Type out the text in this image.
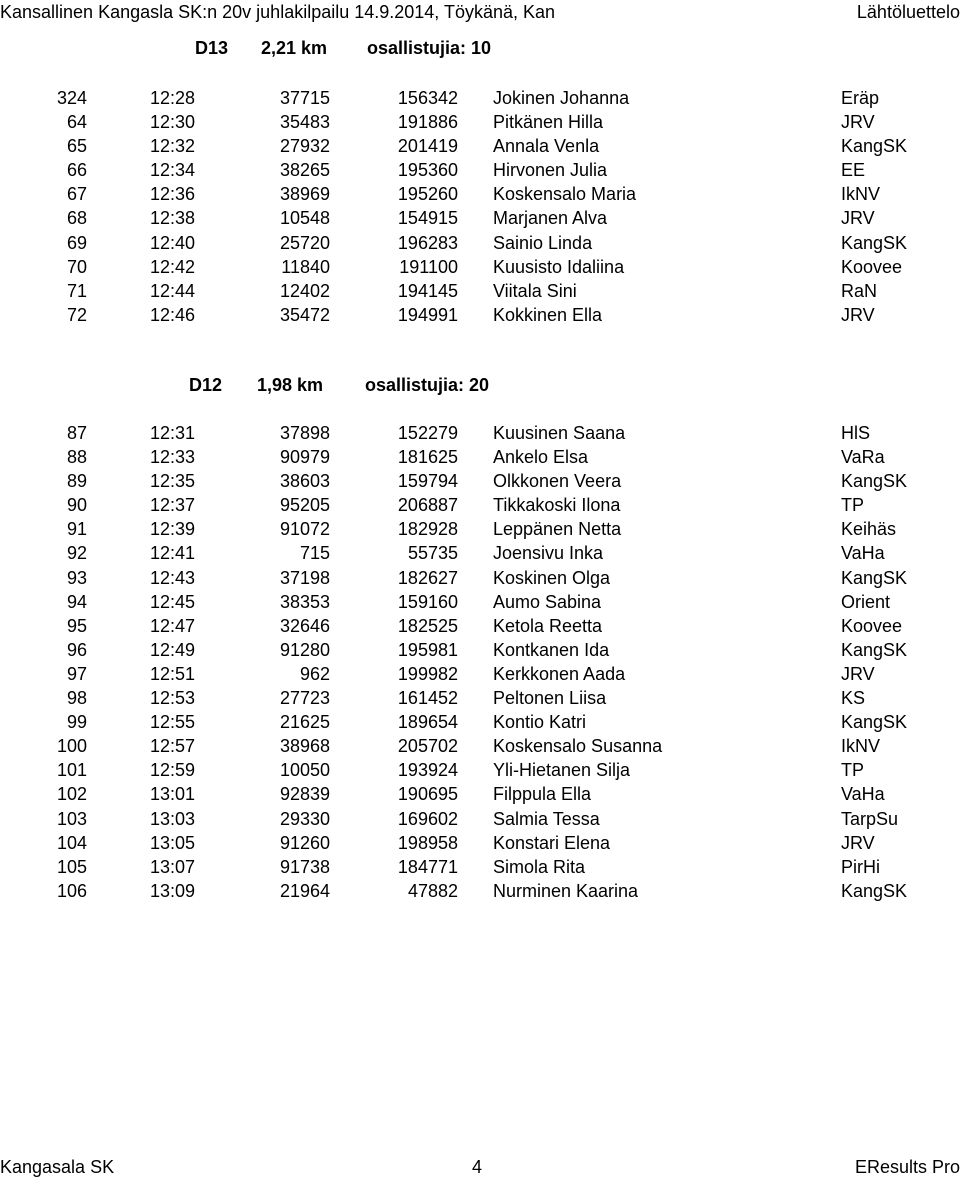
Kansallinen Kangasla SK:n 20v juhlakilpailu 14.9.2014, Töykänä, Kan	Lähtöluettelo
D13 2,21 km osallistujia: 10
324	12:28	37715	156342 Jokinen Johanna	Eräp
64	12:30	35483	191886 Pitkänen Hilla	JRV
65	12:32	27932	201419 Annala Venla	KangSK
66	12:34	38265	195360 Hirvonen Julia	EE
67	12:36	38969	195260 Koskensalo Maria	IkNV
68	12:38	10548	154915 Marjanen Alva	JRV
69	12:40	25720	196283 Sainio Linda	KangSK
70	12:42	11840	191100 Kuusisto Idaliina	Koovee
71	12:44	12402	194145 Viitala Sini	RaN
72	12:46	35472	194991 Kokkinen Ella	JRV
D12 1,98 km osallistujia: 20
87	12:31	37898	152279 Kuusinen Saana	HlS
88	12:33	90979	181625 Ankelo Elsa	VaRa
89	12:35	38603	159794 Olkkonen Veera	KangSK
90	12:37	95205	206887 Tikkakoski Ilona	TP
91	12:39	91072	182928 Leppänen Netta	Keihäs
92	12:41	715	55735 Joensivu Inka	VaHa
93	12:43	37198	182627 Koskinen Olga	KangSK
94	12:45	38353	159160 Aumo Sabina	Orient
95	12:47	32646	182525 Ketola Reetta	Koovee
96	12:49	91280	195981 Kontkanen Ida	KangSK
97	12:51	962	199982 Kerkkonen Aada	JRV
98	12:53	27723	161452 Peltonen Liisa	KS
99	12:55	21625	189654 Kontio Katri	KangSK
100	12:57	38968	205702 Koskensalo Susanna	IkNV
101	12:59	10050	193924 Yli-Hietanen Silja	TP
102	13:01	92839	190695 Filppula Ella	VaHa
103	13:03	29330	169602 Salmia Tessa	TarpSu
104	13:05	91260	198958 Konstari Elena	JRV
105	13:07	91738	184771 Simola Rita	PirHi
106	13:09	21964	47882 Nurminen Kaarina	KangSK
Kangasala SK	4	EResults Pro
